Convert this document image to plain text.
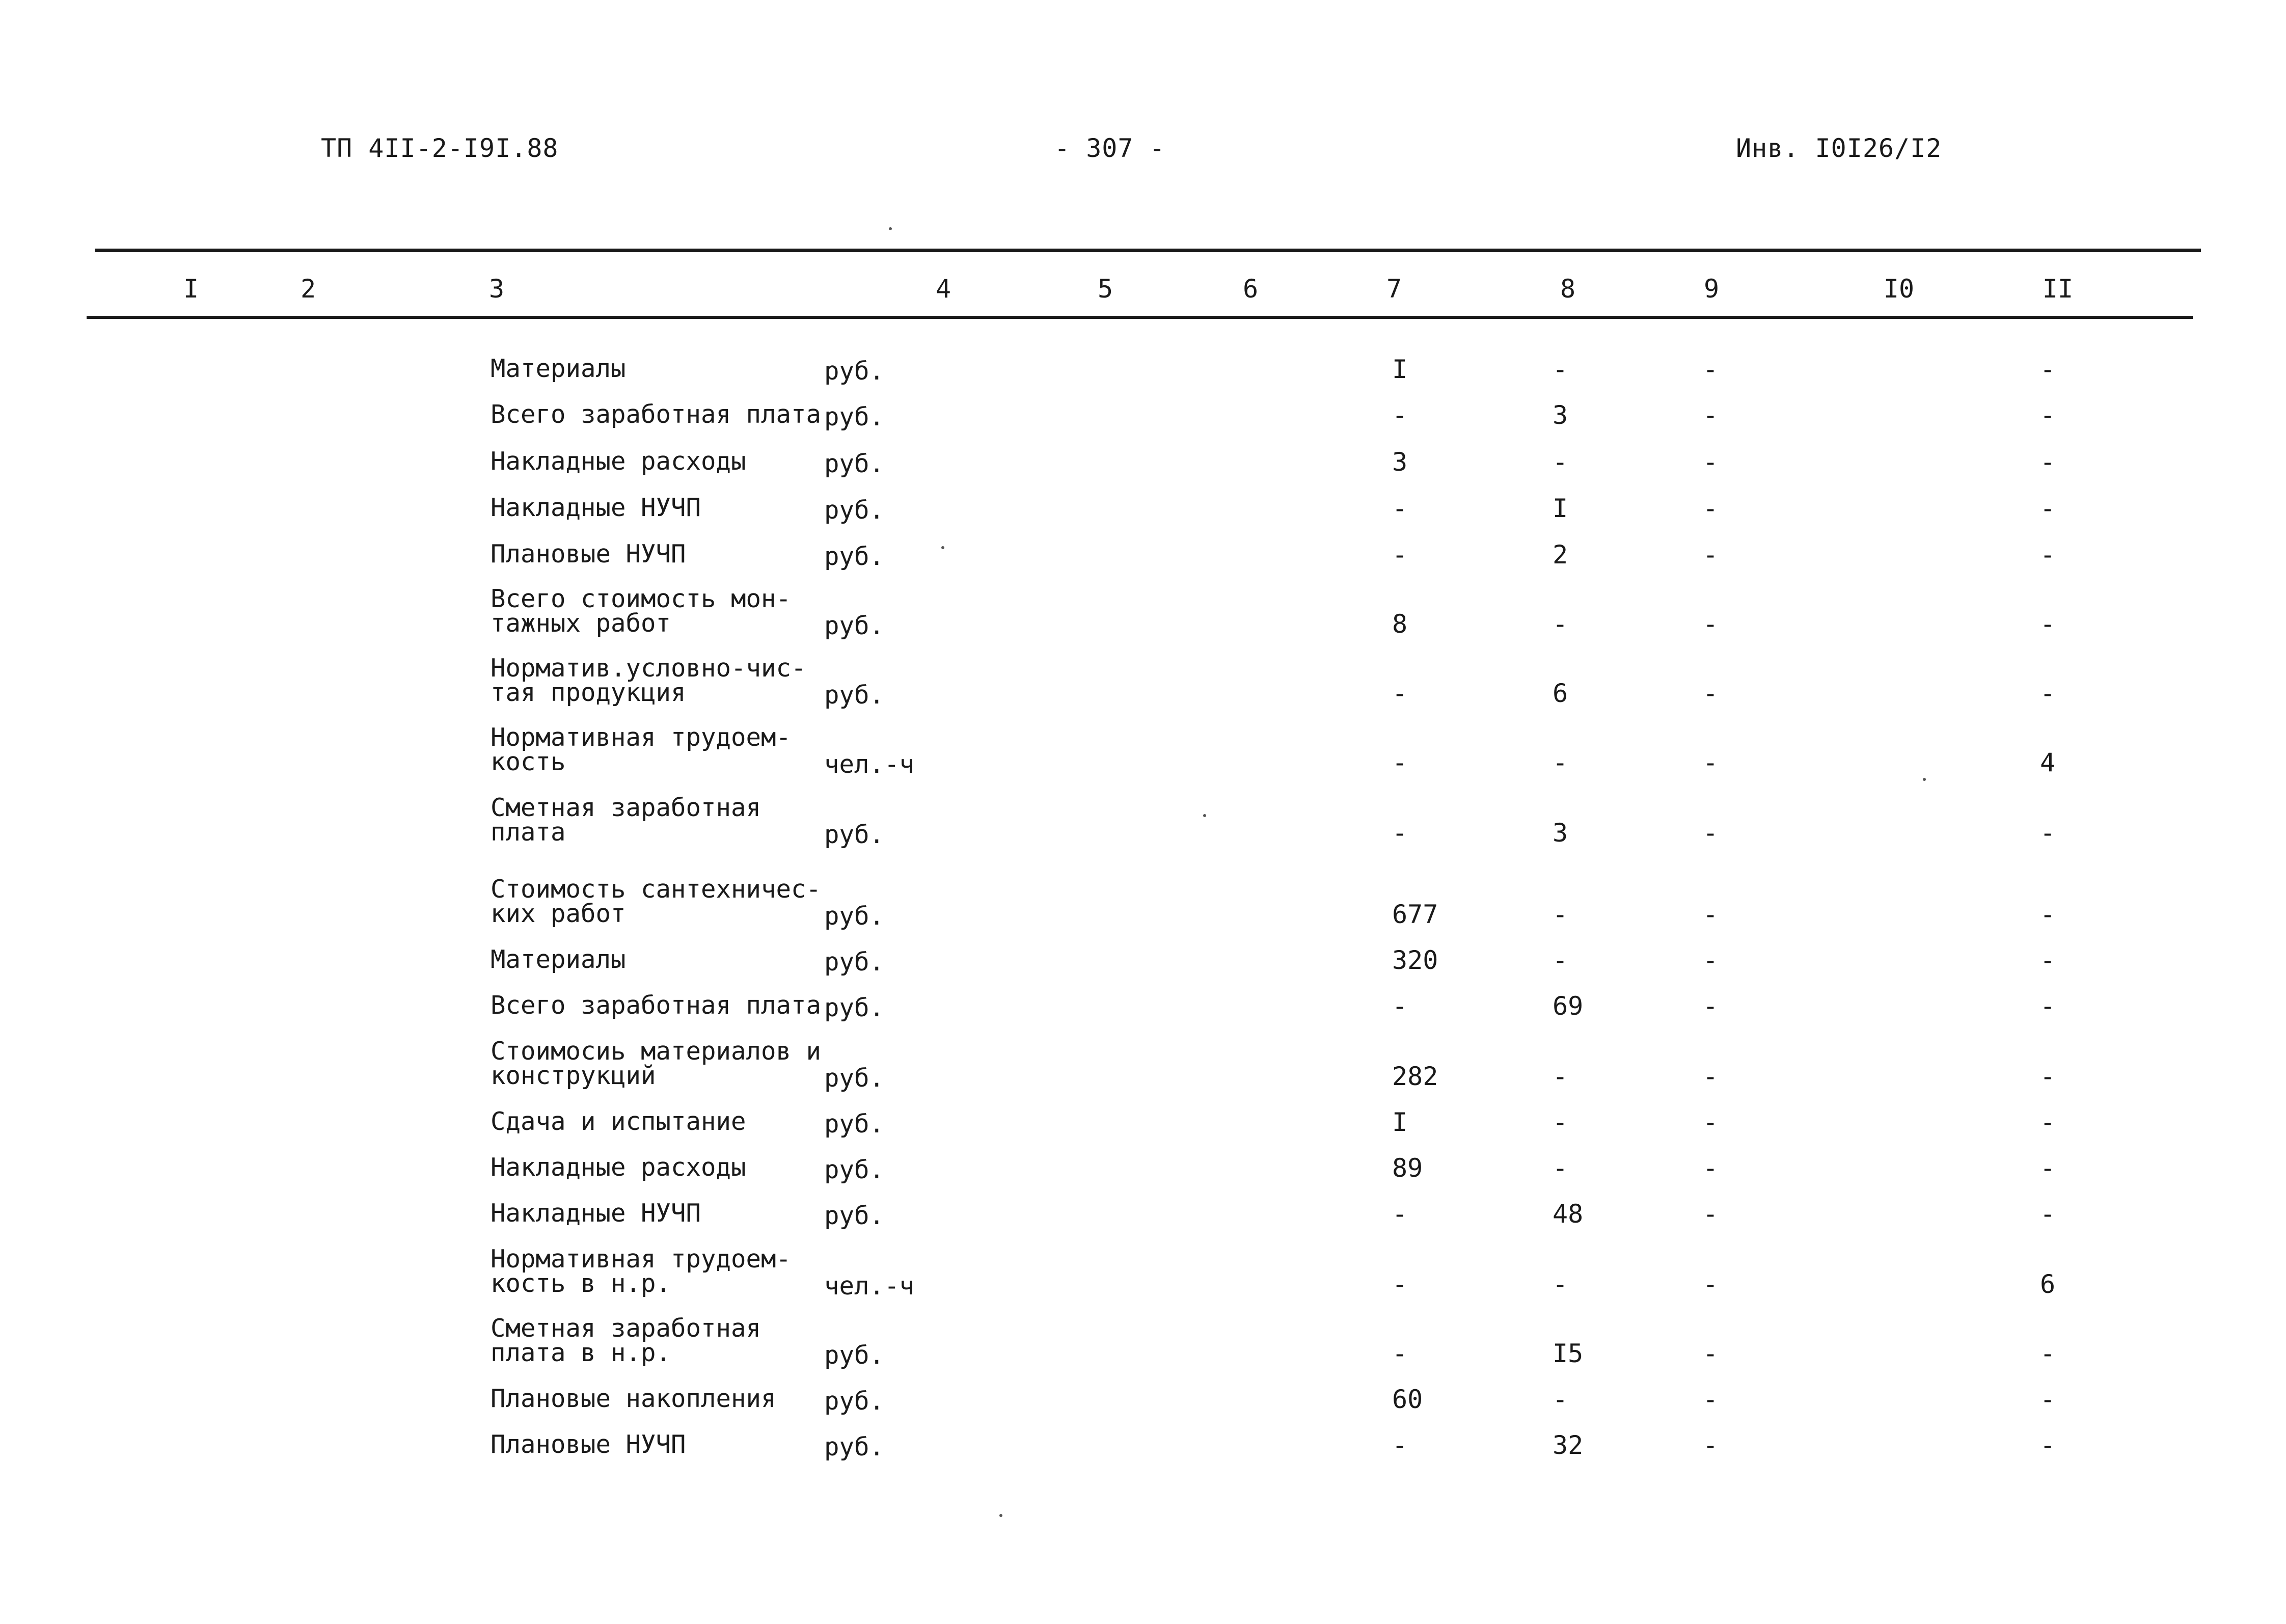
ТП 4II-2-I9I.88	- 307 -	Инв. I0I26/I2
I	2	3	4	5	6	7	8	9	I0	II
Материалы	руб.	I	-	-	-
Всего заработная плата руб.	-	3	-	-
Накладные расходы	руб.	3	-	-	-
Накладные НУЧП	руб.	-	I	-	-
Плановые НУЧП	руб.	-	2	-	-
Всего стоимость мон-
тажных работ	руб.	8	-	-	-
Норматив.условно-чис-
тая продукция	руб.	-	6	-	-
Нормативная трудоем-
кость	чел.-ч	-	-	-	4
Сметная заработная
плата	руб.	-	3	-	-
Стоимость сантехничес-
ких работ	руб.	677	-	-	-
Материалы	руб.	320	-	-	-
Всего заработная плата руб.	-	69	-	-
Стоимосиь материалов и
конструкций	руб.	282	-	-	-
Сдача и испытание	руб.	I	-	-	-
Накладные расходы	руб.	89	-	-	-
Накладные НУЧП	руб.	-	48	-	-
Нормативная трудоем-
кость в н.р.	чел.-ч	-	-	-	6
Сметная заработная
плата в н.р.	руб.	-	I5	-	-
Плановые накопления руб.	60	-	-	-
Плановые НУЧП	руб.	-	32	-	-
